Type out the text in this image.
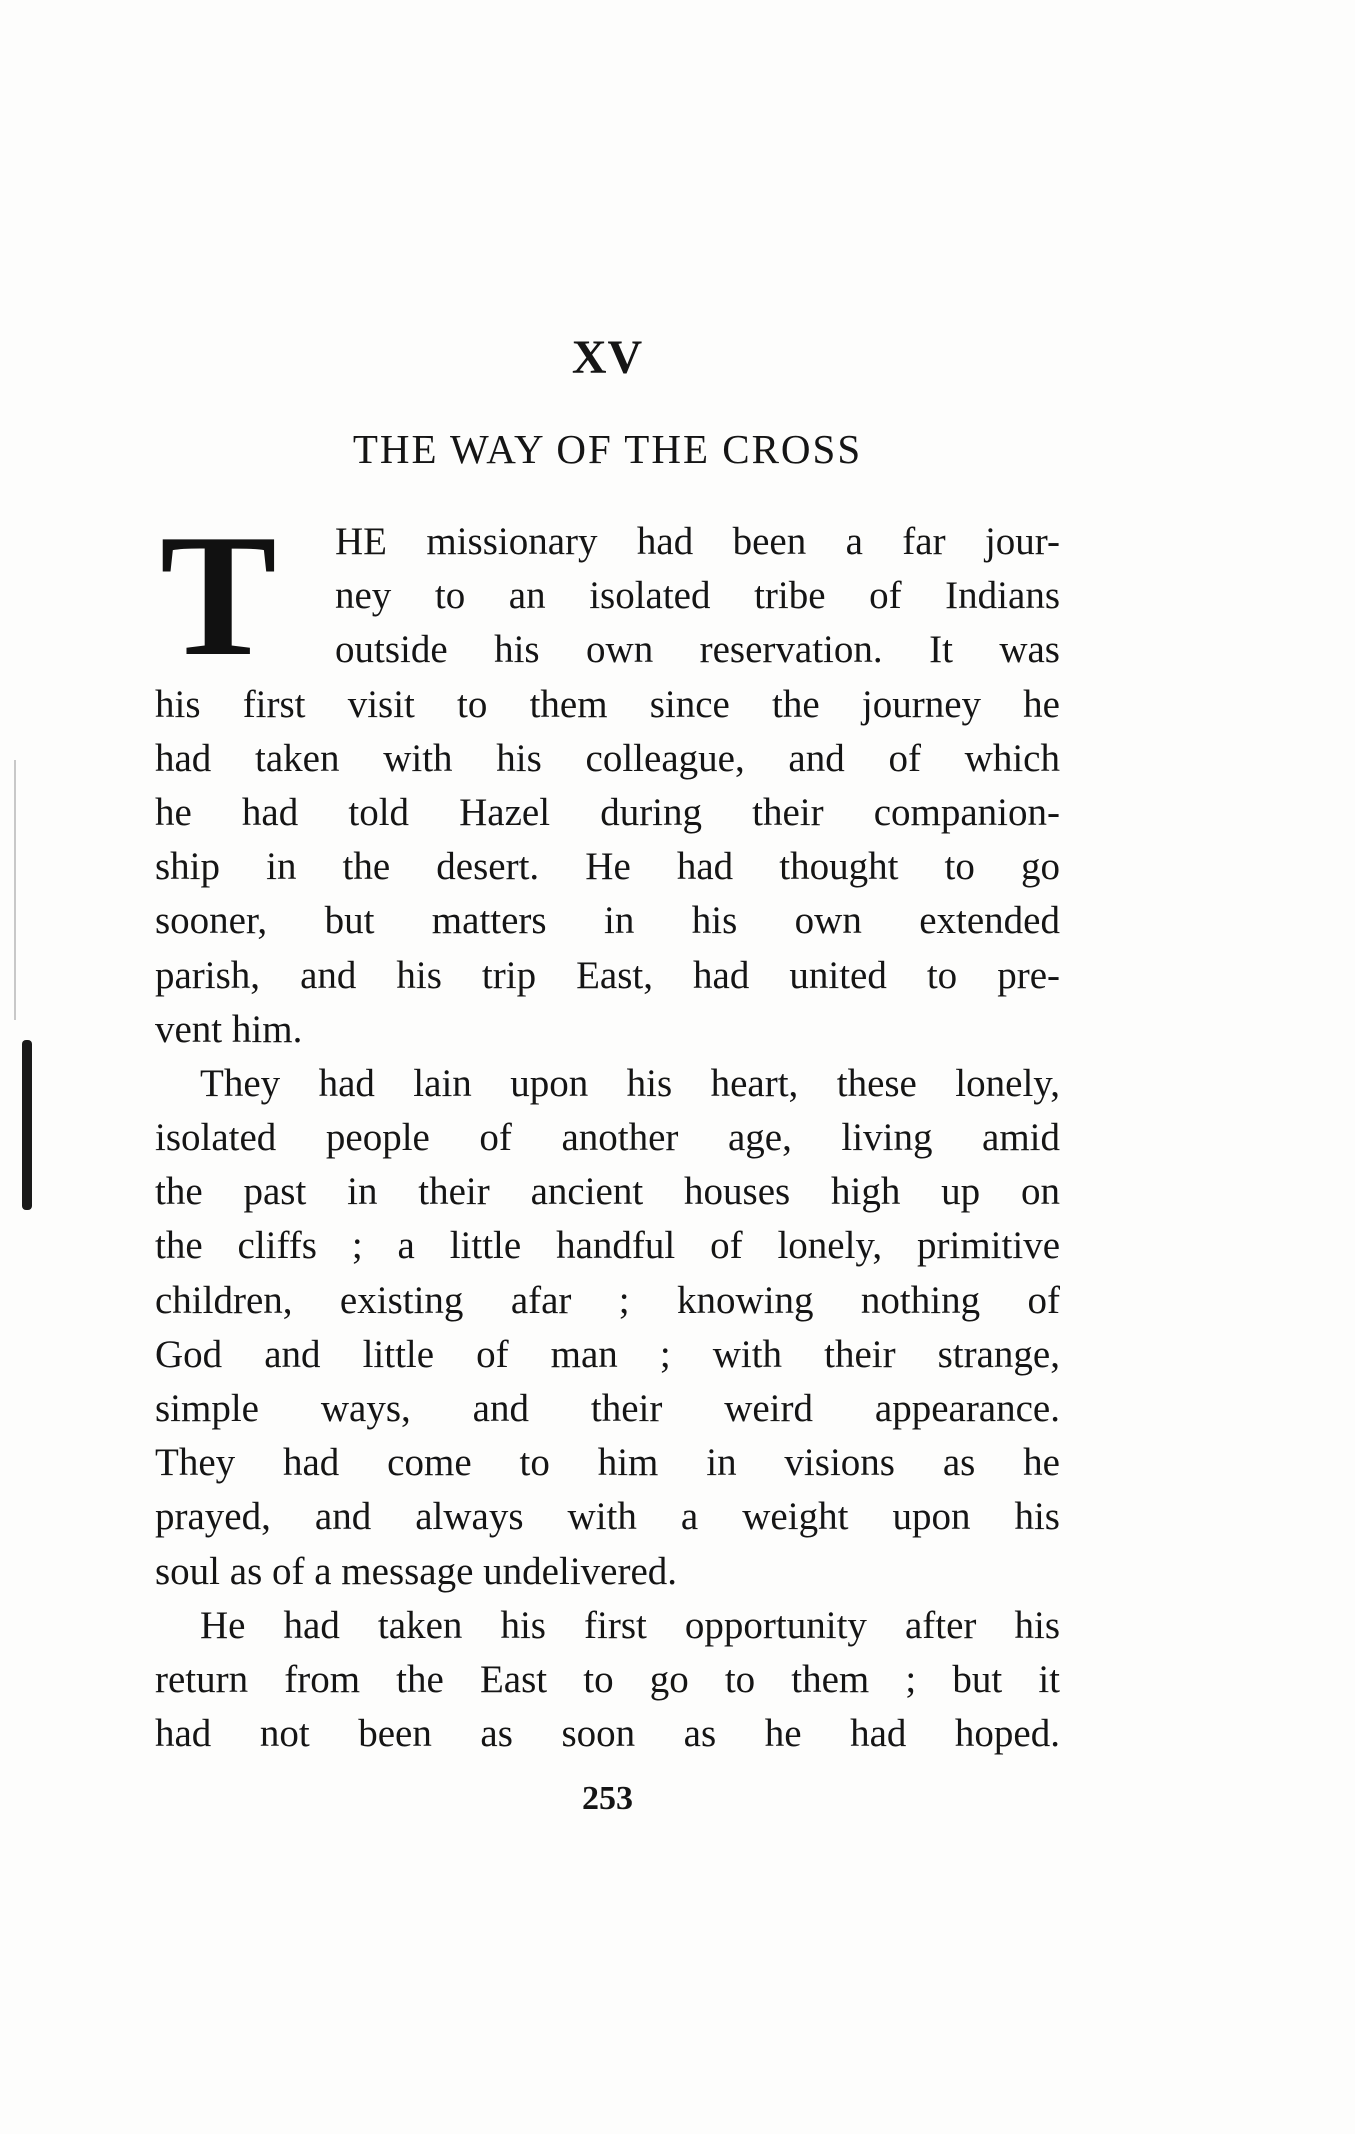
XV
THE WAY OF THE CROSS
T	HE missionary had been a far jour-
ney to an isolated tribe of Indians
outside his own reservation. It was
his first visit to them since the journey he
had taken with his colleague, and of which
he had told Hazel during their companion-
ship in the desert. He had thought to go
sooner, but matters in his own extended
parish, and his trip East, had united to pre-
vent him.
They had lain upon his heart, these lonely,
isolated people of another age, living amid
the past in their ancient houses high up on
the cliffs ; a little handful of lonely, primitive
children, existing afar ; knowing nothing of
God and little of man ; with their strange,
simple ways, and their weird appearance.
They had come to him in visions as he
prayed, and always with a weight upon his
soul as of a message undelivered.
He had taken his first opportunity after his
return from the East to go to them ; but it
had not been as soon as he had hoped.
253
